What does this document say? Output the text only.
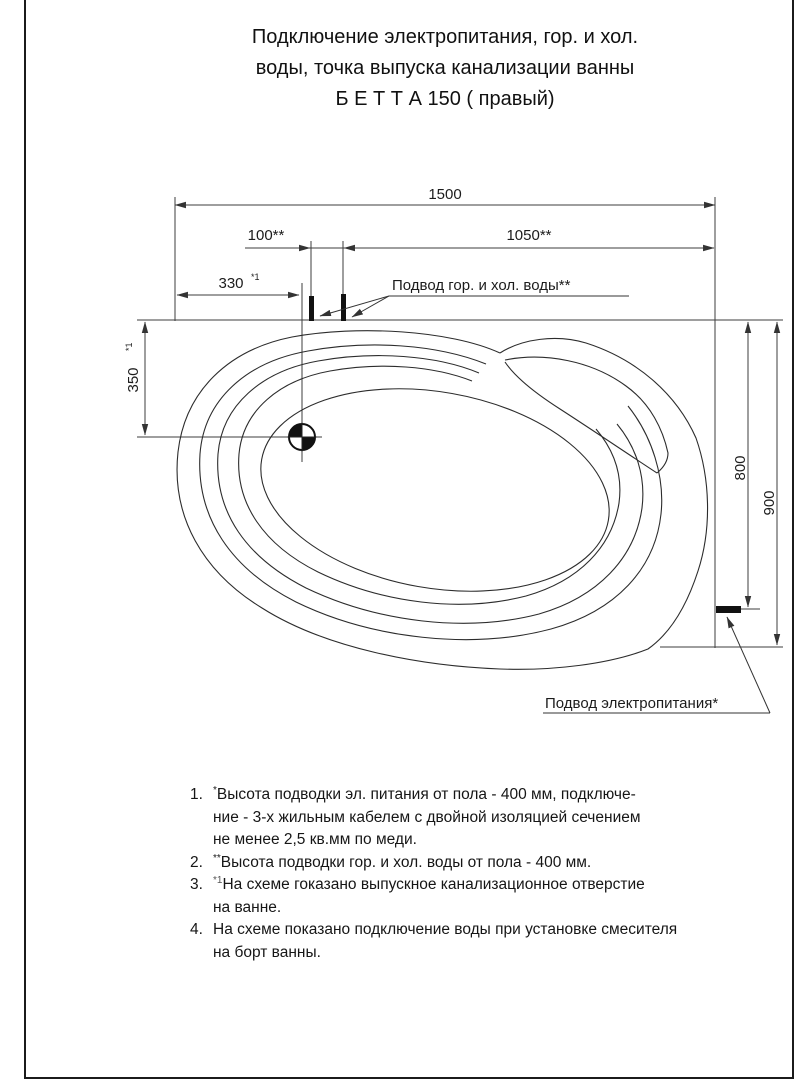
Подключение электропитания, гор. и хол.
воды, точка выпуска канализации ванны
Б Е Т Т А 150 ( правый)
1500
100**	1050**
330 *1
350
*1
800
900
Подвод гор. и хол. воды**
Подвод электропитания*
1.	*Высота подводки эл. питания от пола - 400 мм, подключе-
ние - 3-х жильным кабелем с двойной изоляцией сечением
не менее 2,5 кв.мм по меди.
2.	**Высота подводки гор. и хол. воды от пола - 400 мм.
3.	$^{*1}$На схеме гоказано выпускное канализационное отверстие
на ванне.
4. На схеме показано подключение воды при установке смесителя
на борт ванны.
